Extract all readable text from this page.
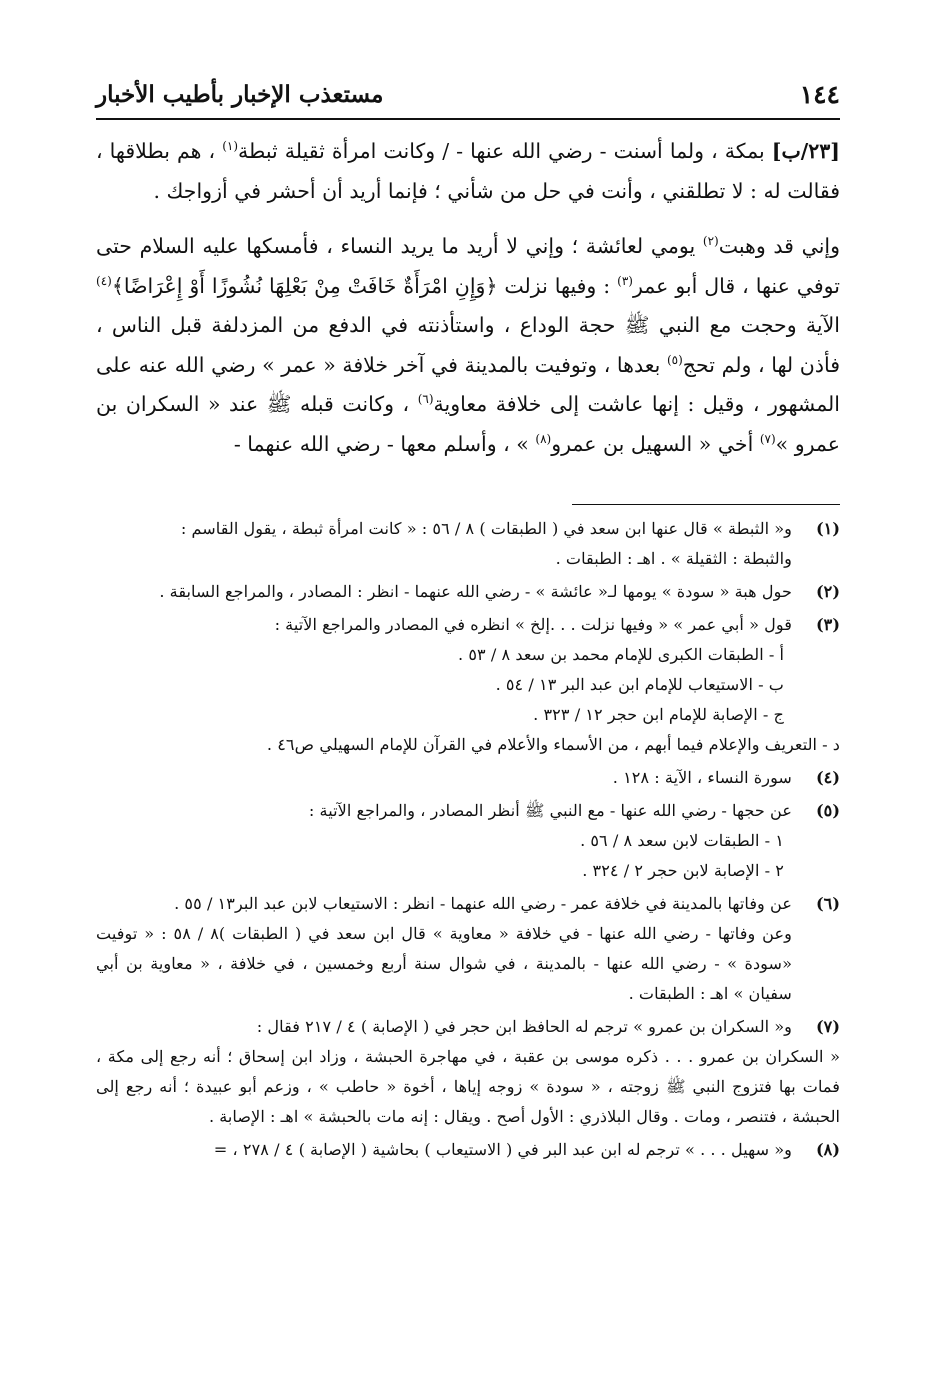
١٤٤
مستعذب الإخبار بأطيب الأخبار

[٢٣/ب] بمكة ، ولما أسنت - رضي الله عنها - / وكانت امرأة ثقيلة ثبطة$^{(١)}$ ، هم بطلاقها ، فقالت له : لا تطلقني ، وأنت في حل من شأني ؛ فإنما أريد أن أحشر في أزواجك .

وإني قد وهبت$^{(٢)}$ يومي لعائشة ؛ وإني لا أريد ما يريد النساء ، فأمسكها عليه السلام حتى توفي عنها ، قال أبو عمر$^{(٣)}$ : وفيها نزلت ﴿وَإِنِ امْرَأَةٌ خَافَتْ مِنْ بَعْلِهَا نُشُوزًا أَوْ إِعْرَاضًا﴾$^{(٤)}$ الآية وحجت مع النبي ﷺ حجة الوداع ، واستأذنته في الدفع من المزدلفة قبل الناس ، فأذن لها ، ولم تحج$^{(٥)}$ بعدها ، وتوفيت بالمدينة في آخر خلافة « عمر » رضي الله عنه على المشهور ، وقيل : إنها عاشت إلى خلافة معاوية$^{(٦)}$ ، وكانت قبله ﷺ عند « السكران بن عمرو »$^{(٧)}$ أخي « السهيل بن عمرو$^{(٨)}$ » ، وأسلم معها - رضي الله عنهما -

(١)
و« الثبطة » قال عنها ابن سعد في ( الطبقات ) ٨ / ٥٦ : « كانت امرأة ثبطة ، يقول القاسم :
والثبطة : الثقيلة » . اهـ : الطبقات .
(٢)
حول هبة « سودة » يومها لـ« عائشة » - رضي الله عنهما - انظر : المصادر ، والمراجع السابقة .
(٣)
قول « أبي عمر » « وفيها نزلت . . .إلخ » انظره في المصادر والمراجع الآتية :
أ - الطبقات الكبرى للإمام محمد بن سعد ٨ / ٥٣ .
ب - الاستيعاب للإمام ابن عبد البر ١٣ / ٥٤ .
ج - الإصابة للإمام ابن حجر ١٢ / ٣٢٣ .
د - التعريف والإعلام فيما أبهم ، من الأسماء والأعلام في القرآن للإمام السهيلي ص٤٦ .
(٤)
سورة النساء ، الآية : ١٢٨ .
(٥)
عن حجها - رضي الله عنها - مع النبي ﷺ أنظر المصادر ، والمراجع الآتية :
١ - الطبقات لابن سعد ٨ / ٥٦ .
٢ - الإصابة لابن حجر ٢ / ٣٢٤ .
(٦)
عن وفاتها بالمدينة في خلافة عمر - رضي الله عنهما - انظر : الاستيعاب لابن عبد البر١٣ / ٥٥ .
وعن وفاتها - رضي الله عنها - في خلافة « معاوية » قال ابن سعد في ( الطبقات )٨ / ٥٨ : « توفيت «سودة » - رضي الله عنها - بالمدينة ، في شوال سنة أربع وخمسين ، في خلافة ، « معاوية بن أبي سفيان » اهـ : الطبقات .
(٧)
و« السكران بن عمرو » ترجم له الحافظ ابن حجر في ( الإصابة ) ٤ / ٢١٧ فقال :
« السكران بن عمرو . . . ذكره موسى بن عقبة ، في مهاجرة الحبشة ، وزاد ابن إسحاق ؛ أنه رجع إلى مكة ، فمات بها فتزوج النبي ﷺ زوجته ، « سودة » زوجه إياها ، أخوة « حاطب » ، وزعم أبو عبيدة ؛ أنه رجع إلى الحبشة ، فتنصر ، ومات . وقال البلاذري : الأول أصح . ويقال : إنه مات بالحبشة » اهـ : الإصابة .
(٨)
و« سهيل . . . » ترجم له ابن عبد البر في ( الاستيعاب ) بحاشية ( الإصابة ) ٤ / ٢٧٨ ، =
